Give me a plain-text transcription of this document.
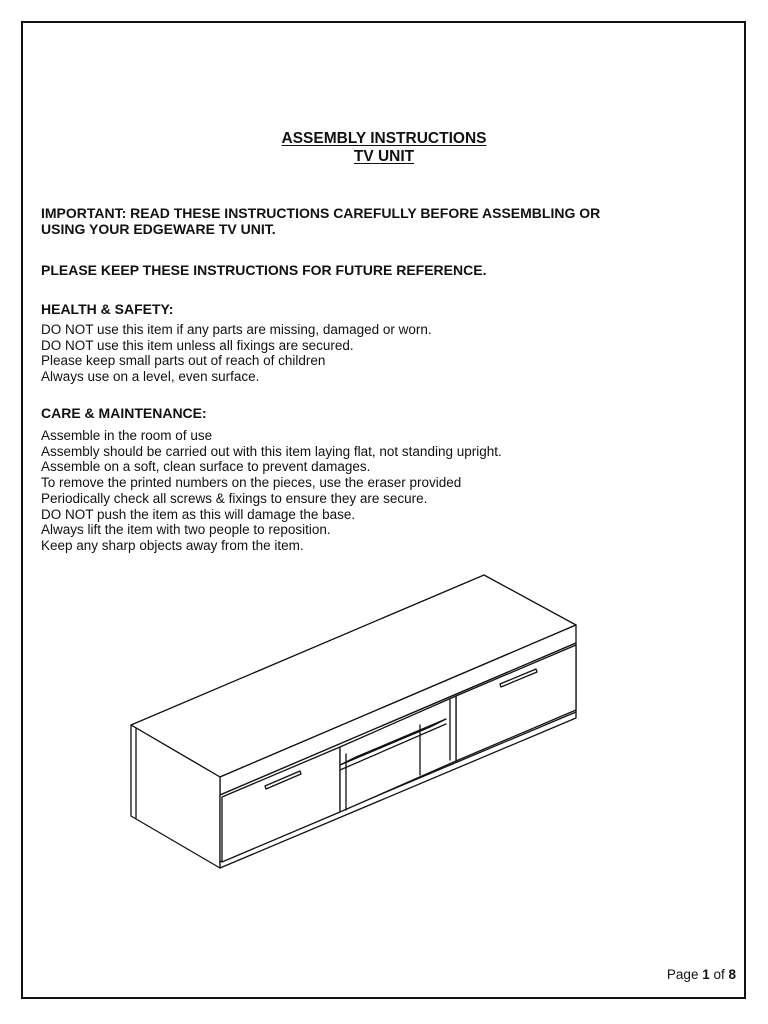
ASSEMBLY INSTRUCTIONS
TV UNIT
IMPORTANT: READ THESE INSTRUCTIONS CAREFULLY BEFORE ASSEMBLING OR
USING YOUR EDGEWARE TV UNIT.
PLEASE KEEP THESE INSTRUCTIONS FOR FUTURE REFERENCE.
HEALTH & SAFETY:
DO NOT use this item if any parts are missing, damaged or worn.
DO NOT use this item unless all fixings are secured.
Please keep small parts out of reach of children
Always use on a level, even surface.
CARE & MAINTENANCE:
Assemble in the room of use
Assembly should be carried out with this item laying flat, not standing upright.
Assemble on a soft, clean surface to prevent damages.
To remove the printed numbers on the pieces, use the eraser provided
Periodically check all screws & fixings to ensure they are secure.
DO NOT push the item as this will damage the base.
Always lift the item with two people to reposition.
Keep any sharp objects away from the item.
Page 1 of 8
